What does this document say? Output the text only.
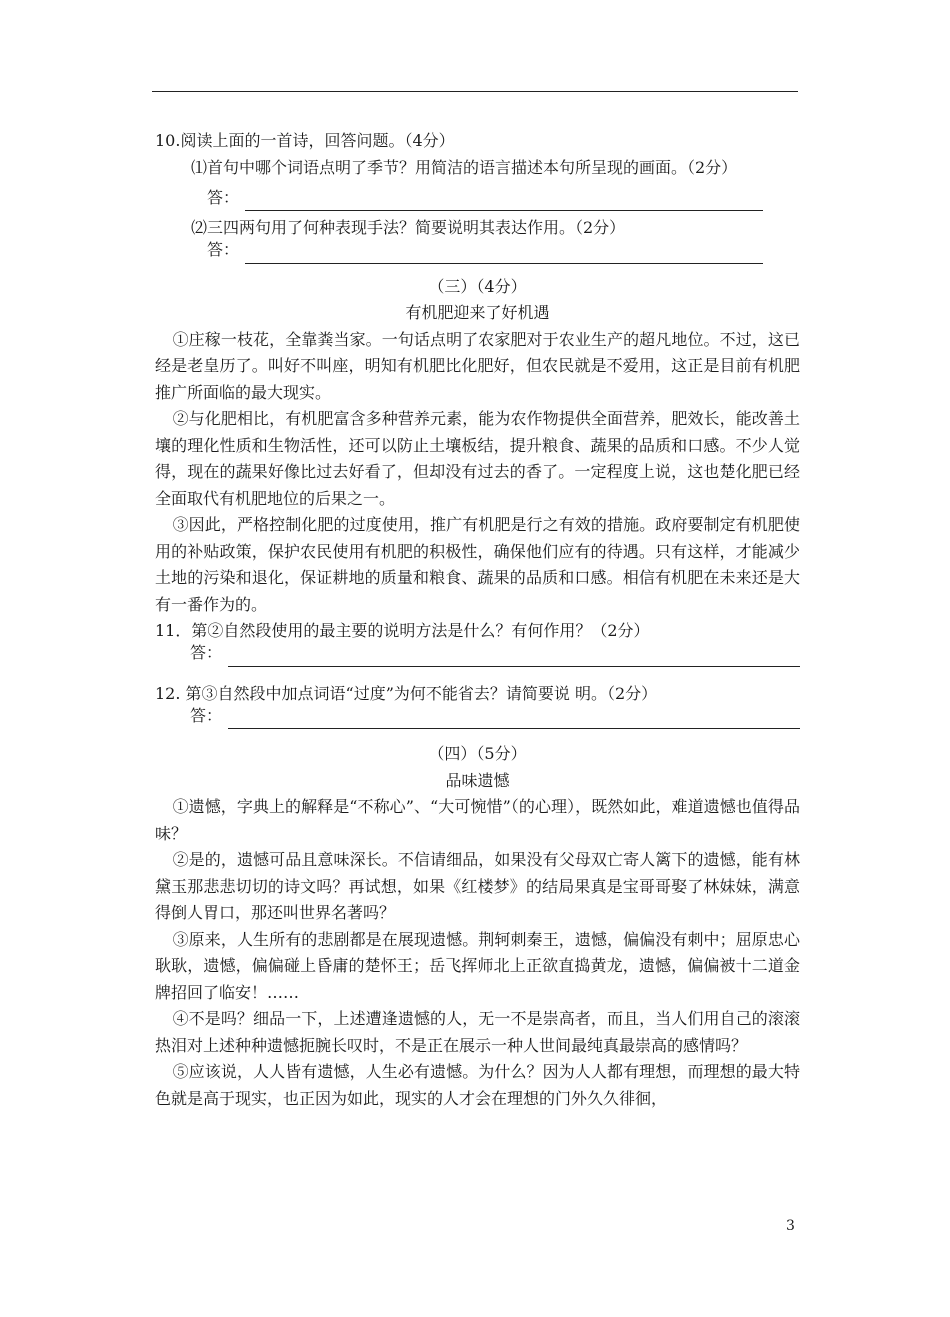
10.阅读上面的一首诗，回答问题。（4分）

⑴首句中哪个词语点明了季节？用简洁的语言描述本句所呈现的画面。（2分）

答：

⑵三四两句用了何种表现手法？简要说明其表达作用。（2分）

答：

（三）（4分）

有机肥迎来了好机遇

①庄稼一枝花，全靠粪当家。一句话点明了农家肥对于农业生产的超凡地位。不过，这已经是老皇历了。叫好不叫座，明知有机肥比化肥好，但农民就是不爱用，这正是目前有机肥推广所面临的最大现实。

②与化肥相比，有机肥富含多种营养元素，能为农作物提供全面营养，肥效长，能改善土壤的理化性质和生物活性，还可以防止土壤板结，提升粮食、蔬果的品质和口感。不少人觉得，现在的蔬果好像比过去好看了，但却没有过去的香了。一定程度上说，这也楚化肥已经全面取代有机肥地位的后果之一。

③因此，严格控制化肥的过度使用，推广有机肥是行之有效的措施。政府要制定有机肥使用的补贴政策，保护农民使用有机肥的积极性，确保他们应有的待遇。只有这样，才能减少土地的污染和退化，保证耕地的质量和粮食、蔬果的品质和口感。相信有机肥在未来还是大有一番作为的。

11．第②自然段使用的最主要的说明方法是什么？有何作用？（2分）

答：

12. 第③自然段中加点词语“过度”为何不能省去？请简要说 明。（2分）

答：

（四）（5分）

品味遗憾

①遗憾，字典上的解释是“不称心”、“大可惋惜”（的心理），既然如此，难道遗憾也值得品味？

②是的，遗憾可品且意味深长。不信请细品，如果没有父母双亡寄人篱下的遗憾，能有林黛玉那悲悲切切的诗文吗？再试想，如果《红楼梦》的结局果真是宝哥哥娶了林妹妹，满意得倒人胃口，那还叫世界名著吗？

③原来，人生所有的悲剧都是在展现遗憾。荆轲刺秦王，遗憾，偏偏没有刺中；屈原忠心耿耿，遗憾，偏偏碰上昏庸的楚怀王；岳飞挥师北上正欲直捣黄龙，遗憾，偏偏被十二道金牌招回了临安！……

④不是吗？细品一下，上述遭逢遗憾的人，无一不是崇高者，而且，当人们用自己的滚滚热泪对上述种种遗憾扼腕长叹时，不是正在展示一种人世间最纯真最崇高的感情吗？

⑤应该说，人人皆有遗憾，人生必有遗憾。为什么？因为人人都有理想，而理想的最大特色就是高于现实，也正因为如此，现实的人才会在理想的门外久久徘徊，

3
